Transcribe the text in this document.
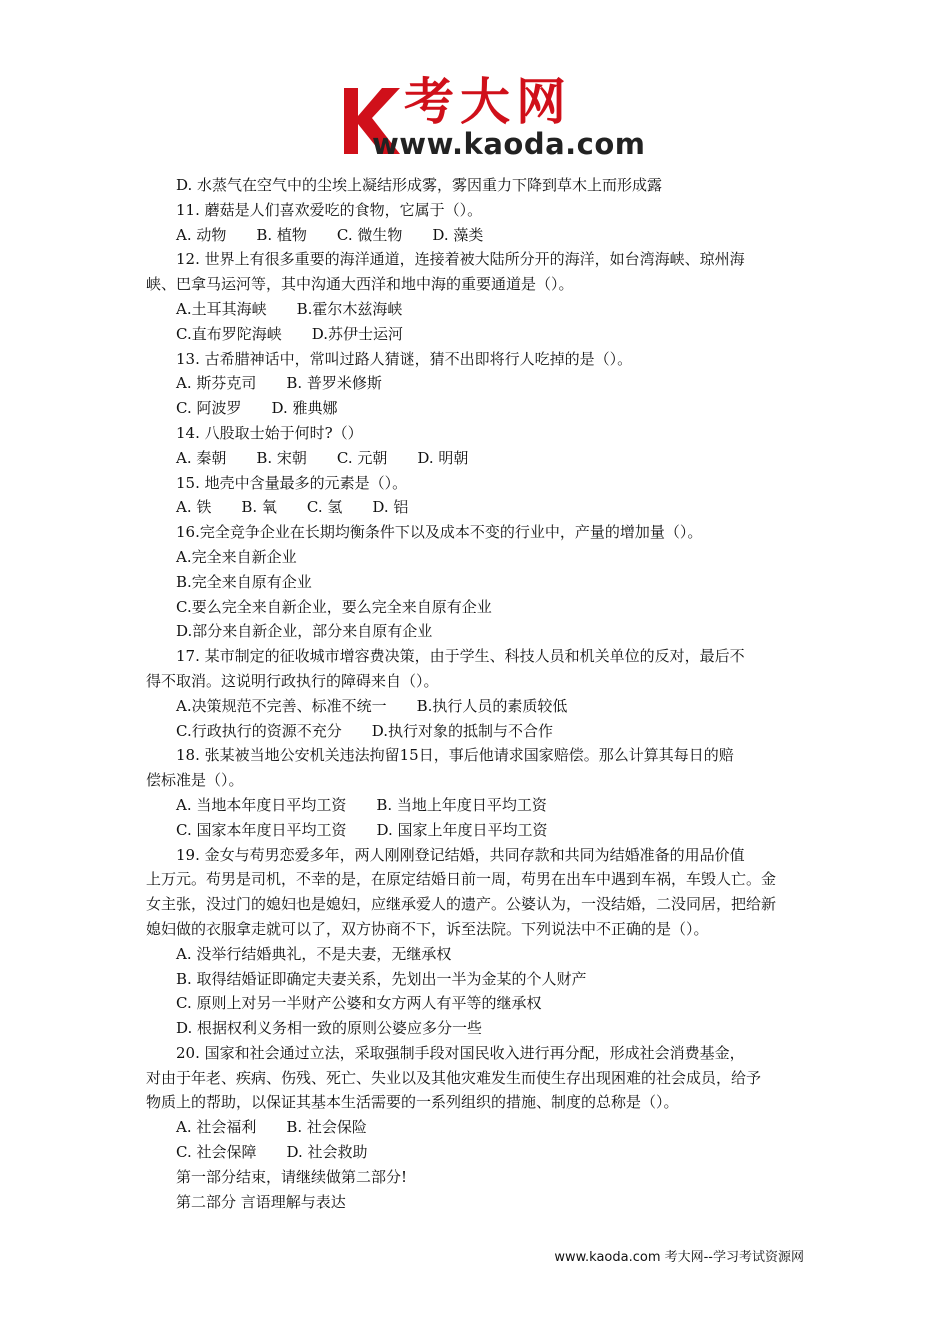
考大网
www.kaoda.com
D. 水蒸气在空气中的尘埃上凝结形成雾，雾因重力下降到草木上而形成露
11. 蘑菇是人们喜欢爱吃的食物，它属于（）。
A. 动物　　B. 植物　　C. 微生物　　D. 藻类
12. 世界上有很多重要的海洋通道，连接着被大陆所分开的海洋，如台湾海峡、琼州海
峡、巴拿马运河等，其中沟通大西洋和地中海的重要通道是（）。
A.土耳其海峡　　B.霍尔木兹海峡
C.直布罗陀海峡　　D.苏伊士运河
13. 古希腊神话中，常叫过路人猜谜，猜不出即将行人吃掉的是（）。
A. 斯芬克司　　B. 普罗米修斯
C. 阿波罗　　D. 雅典娜
14. 八股取士始于何时?（）
A. 秦朝　　B. 宋朝　　C. 元朝　　D. 明朝
15. 地壳中含量最多的元素是（）。
A. 铁　　B. 氧　　C. 氢　　D. 铝
16.完全竞争企业在长期均衡条件下以及成本不变的行业中，产量的增加量（）。
A.完全来自新企业
B.完全来自原有企业
C.要么完全来自新企业，要么完全来自原有企业
D.部分来自新企业，部分来自原有企业
17. 某市制定的征收城市增容费决策，由于学生、科技人员和机关单位的反对，最后不
得不取消。这说明行政执行的障碍来自（）。
A.决策规范不完善、标准不统一　　B.执行人员的素质较低
C.行政执行的资源不充分　　D.执行对象的抵制与不合作
18. 张某被当地公安机关违法拘留15日，事后他请求国家赔偿。那么计算其每日的赔
偿标准是（）。
A. 当地本年度日平均工资　　B. 当地上年度日平均工资
C. 国家本年度日平均工资　　D. 国家上年度日平均工资
19. 金女与苟男恋爱多年，两人刚刚登记结婚，共同存款和共同为结婚准备的用品价值
上万元。苟男是司机，不幸的是，在原定结婚日前一周，苟男在出车中遇到车祸，车毁人亡。金
女主张，没过门的媳妇也是媳妇，应继承爱人的遗产。公婆认为，一没结婚，二没同居，把给新
媳妇做的衣服拿走就可以了，双方协商不下，诉至法院。下列说法中不正确的是（）。
A. 没举行结婚典礼，不是夫妻，无继承权
B. 取得结婚证即确定夫妻关系，先划出一半为金某的个人财产
C. 原则上对另一半财产公婆和女方两人有平等的继承权
D. 根据权利义务相一致的原则公婆应多分一些
20. 国家和社会通过立法，采取强制手段对国民收入进行再分配，形成社会消费基金，
对由于年老、疾病、伤残、死亡、失业以及其他灾难发生而使生存出现困难的社会成员，给予
物质上的帮助，以保证其基本生活需要的一系列组织的措施、制度的总称是（）。
A. 社会福利　　B. 社会保险
C. 社会保障　　D. 社会救助
第一部分结束，请继续做第二部分!
第二部分 言语理解与表达
www.kaoda.com 考大网--学习考试资源网
